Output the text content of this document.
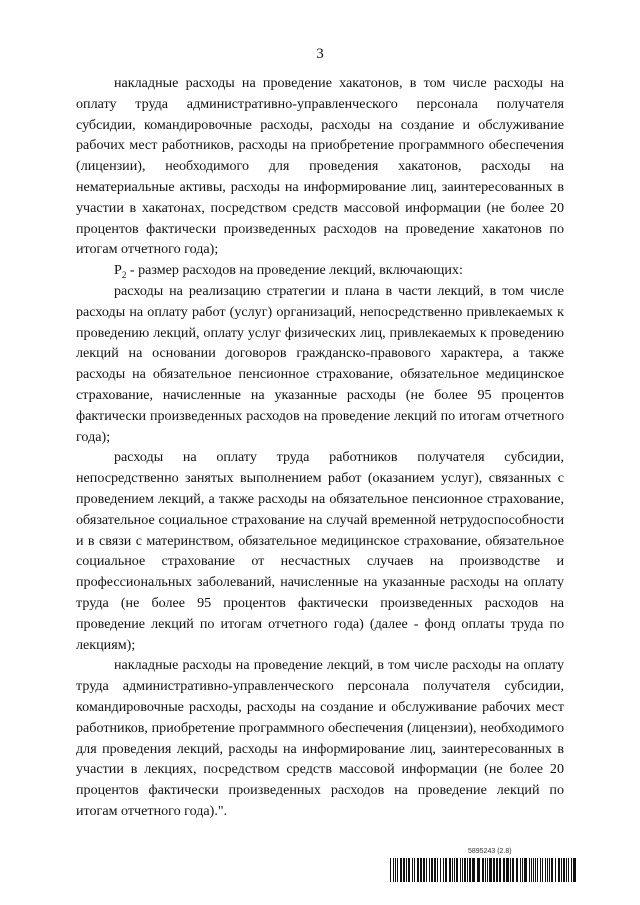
3

накладные расходы на проведение хакатонов, в том числе расходы на оплату труда административно-управленческого персонала получателя субсидии, командировочные расходы, расходы на создание и обслуживание рабочих мест работников, расходы на приобретение программного обеспечения (лицензии), необходимого для проведения хакатонов, расходы на нематериальные активы, расходы на информирование лиц, заинтересованных в участии в хакатонах, посредством средств массовой информации (не более 20 процентов фактически произведенных расходов на проведение хакатонов по итогам отчетного года);

$P_2$ - размер расходов на проведение лекций, включающих:

расходы на реализацию стратегии и плана в части лекций, в том числе расходы на оплату работ (услуг) организаций, непосредственно привлекаемых к проведению лекций, оплату услуг физических лиц, привлекаемых к проведению лекций на основании договоров гражданско-правового характера, а также расходы на обязательное пенсионное страхование, обязательное медицинское страхование, начисленные на указанные расходы (не более 95 процентов фактически произведенных расходов на проведение лекций по итогам отчетного года);

расходы на оплату труда работников получателя субсидии, непосредственно занятых выполнением работ (оказанием услуг), связанных с проведением лекций, а также расходы на обязательное пенсионное страхование, обязательное социальное страхование на случай временной нетрудоспособности и в связи с материнством, обязательное медицинское страхование, обязательное социальное страхование от несчастных случаев на производстве и профессиональных заболеваний, начисленные на указанные расходы на оплату труда (не более 95 процентов фактически произведенных расходов на проведение лекций по итогам отчетного года) (далее - фонд оплаты труда по лекциям);

накладные расходы на проведение лекций, в том числе расходы на оплату труда административно-управленческого персонала получателя субсидии, командировочные расходы, расходы на создание и обслуживание рабочих мест работников, приобретение программного обеспечения (лицензии), необходимого для проведения лекций, расходы на информирование лиц, заинтересованных в участии в лекциях, посредством средств массовой информации (не более 20 процентов фактически произведенных расходов на проведение лекций по итогам отчетного года).".

5895243 (2.8)
